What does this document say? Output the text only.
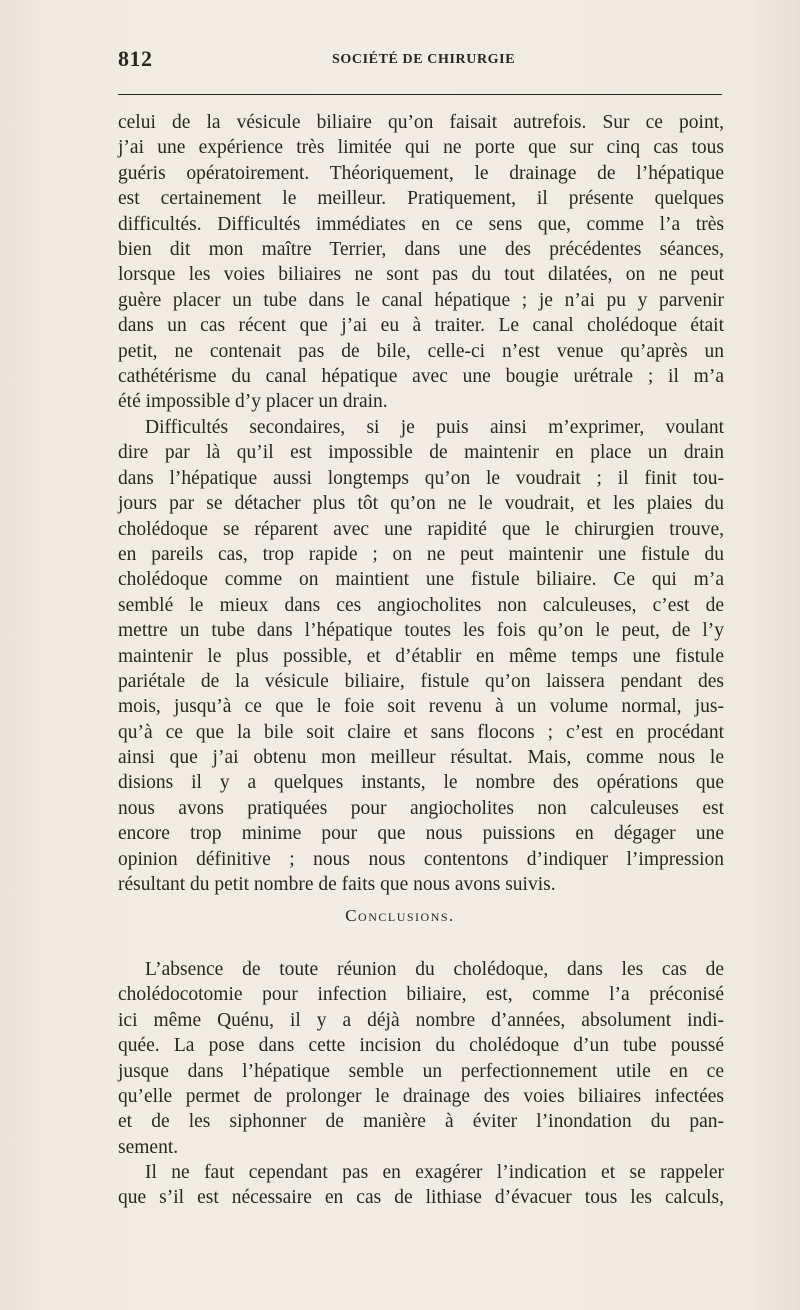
812	SOCIÉTÉ DE CHIRURGIE
celui de la vésicule biliaire qu’on faisait autrefois. Sur ce point,
j’ai une expérience très limitée qui ne porte que sur cinq cas tous
guéris opératoirement. Théoriquement, le drainage de l’hépatique
est certainement le meilleur. Pratiquement, il présente quelques
difficultés. Difficultés immédiates en ce sens que, comme l’a très
bien dit mon maître Terrier, dans une des précédentes séances,
lorsque les voies biliaires ne sont pas du tout dilatées, on ne peut
guère placer un tube dans le canal hépatique ; je n’ai pu y parvenir
dans un cas récent que j’ai eu à traiter. Le canal cholédoque était
petit, ne contenait pas de bile, celle-ci n’est venue qu’après un
cathétérisme du canal hépatique avec une bougie urétrale ; il m’a
été impossible d’y placer un drain.
Difficultés secondaires, si je puis ainsi m’exprimer, voulant
dire par là qu’il est impossible de maintenir en place un drain
dans l’hépatique aussi longtemps qu’on le voudrait ; il finit tou-
jours par se détacher plus tôt qu’on ne le voudrait, et les plaies du
cholédoque se réparent avec une rapidité que le chirurgien trouve,
en pareils cas, trop rapide ; on ne peut maintenir une fistule du
cholédoque comme on maintient une fistule biliaire. Ce qui m’a
semblé le mieux dans ces angiocholites non calculeuses, c’est de
mettre un tube dans l’hépatique toutes les fois qu’on le peut, de l’y
maintenir le plus possible, et d’établir en même temps une fistule
pariétale de la vésicule biliaire, fistule qu’on laissera pendant des
mois, jusqu’à ce que le foie soit revenu à un volume normal, jus-
qu’à ce que la bile soit claire et sans flocons ; c’est en procédant
ainsi que j’ai obtenu mon meilleur résultat. Mais, comme nous le
disions il y a quelques instants, le nombre des opérations que
nous avons pratiquées pour angiocholites non calculeuses est
encore trop minime pour que nous puissions en dégager une
opinion définitive ; nous nous contentons d’indiquer l’impression
résultant du petit nombre de faits que nous avons suivis.
Conclusions.
L’absence de toute réunion du cholédoque, dans les cas de
cholédocotomie pour infection biliaire, est, comme l’a préconisé
ici même Quénu, il y a déjà nombre d’années, absolument indi-
quée. La pose dans cette incision du cholédoque d’un tube poussé
jusque dans l’hépatique semble un perfectionnement utile en ce
qu’elle permet de prolonger le drainage des voies biliaires infectées
et de les siphonner de manière à éviter l’inondation du pan-
sement.
Il ne faut cependant pas en exagérer l’indication et se rappeler
que s’il est nécessaire en cas de lithiase d’évacuer tous les calculs,
